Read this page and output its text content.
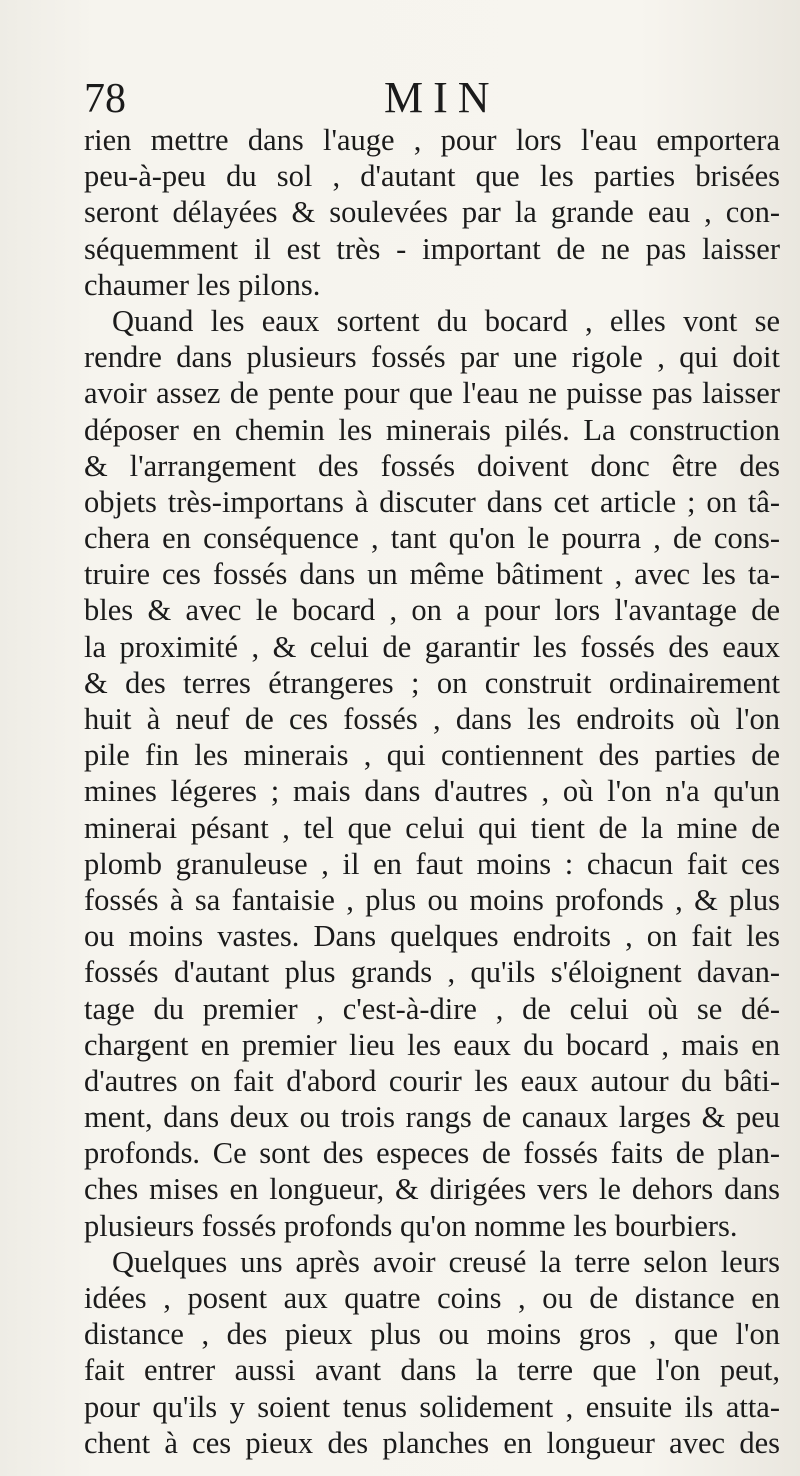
78	MIN
rien mettre dans l'auge , pour lors l'eau emportera
peu-à-peu du sol , d'autant que les parties brisées
seront délayées & soulevées par la grande eau , con-
séquemment il est très - important de ne pas laisser
chaumer les pilons.
Quand les eaux sortent du bocard , elles vont se
rendre dans plusieurs fossés par une rigole , qui doit
avoir assez de pente pour que l'eau ne puisse pas laisser
déposer en chemin les minerais pilés. La construction
& l'arrangement des fossés doivent donc être des
objets très-importans à discuter dans cet article ; on tâ-
chera en conséquence , tant qu'on le pourra , de cons-
truire ces fossés dans un même bâtiment , avec les ta-
bles & avec le bocard , on a pour lors l'avantage de
la proximité , & celui de garantir les fossés des eaux
& des terres étrangeres ; on construit ordinairement
huit à neuf de ces fossés , dans les endroits où l'on
pile fin les minerais , qui contiennent des parties de
mines légeres ; mais dans d'autres , où l'on n'a qu'un
minerai pésant , tel que celui qui tient de la mine de
plomb granuleuse , il en faut moins : chacun fait ces
fossés à sa fantaisie , plus ou moins profonds , & plus
ou moins vastes. Dans quelques endroits , on fait les
fossés d'autant plus grands , qu'ils s'éloignent davan-
tage du premier , c'est-à-dire , de celui où se dé-
chargent en premier lieu les eaux du bocard , mais en
d'autres on fait d'abord courir les eaux autour du bâti-
ment, dans deux ou trois rangs de canaux larges & peu
profonds. Ce sont des especes de fossés faits de plan-
ches mises en longueur, & dirigées vers le dehors dans
plusieurs fossés profonds qu'on nomme les bourbiers.
Quelques uns après avoir creusé la terre selon leurs
idées , posent aux quatre coins , ou de distance en
distance , des pieux plus ou moins gros , que l'on
fait entrer aussi avant dans la terre que l'on peut,
pour qu'ils y soient tenus solidement , ensuite ils atta-
chent à ces pieux des planches en longueur avec des
